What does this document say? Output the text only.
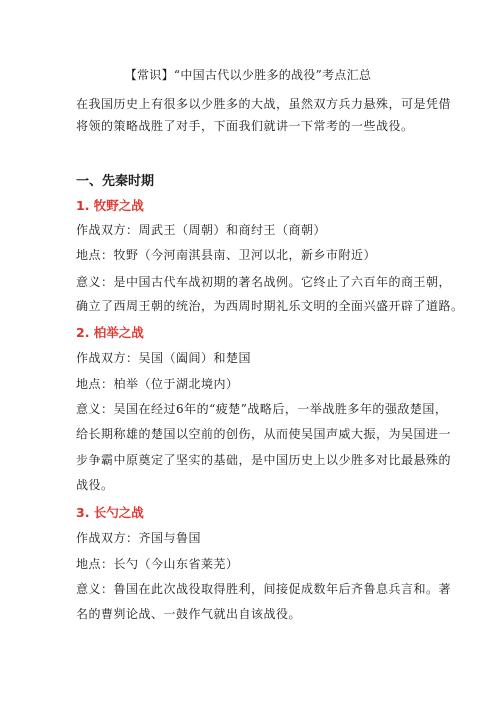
【常识】“中国古代以少胜多的战役”考点汇总
在我国历史上有很多以少胜多的大战，虽然双方兵力悬殊，可是凭借
将领的策略战胜了对手，下面我们就讲一下常考的一些战役。
一、先秦时期
1. 牧野之战
作战双方：周武王（周朝）和商纣王（商朝）
地点：牧野（今河南淇县南、卫河以北，新乡市附近）
意义：是中国古代车战初期的著名战例。它终止了六百年的商王朝，
确立了西周王朝的统治，为西周时期礼乐文明的全面兴盛开辟了道路。
2. 柏举之战
作战双方：吴国（阖闾）和楚国
地点：柏举（位于湖北境内）
意义：吴国在经过6年的“疲楚”战略后，一举战胜多年的强敌楚国，
给长期称雄的楚国以空前的创伤，从而使吴国声威大振，为吴国进一
步争霸中原奠定了坚实的基础，是中国历史上以少胜多对比最悬殊的
战役。
3. 长勺之战
作战双方：齐国与鲁国
地点：长勺（今山东省莱芜）
意义：鲁国在此次战役取得胜利，间接促成数年后齐鲁息兵言和。著
名的曹刿论战、一鼓作气就出自该战役。
